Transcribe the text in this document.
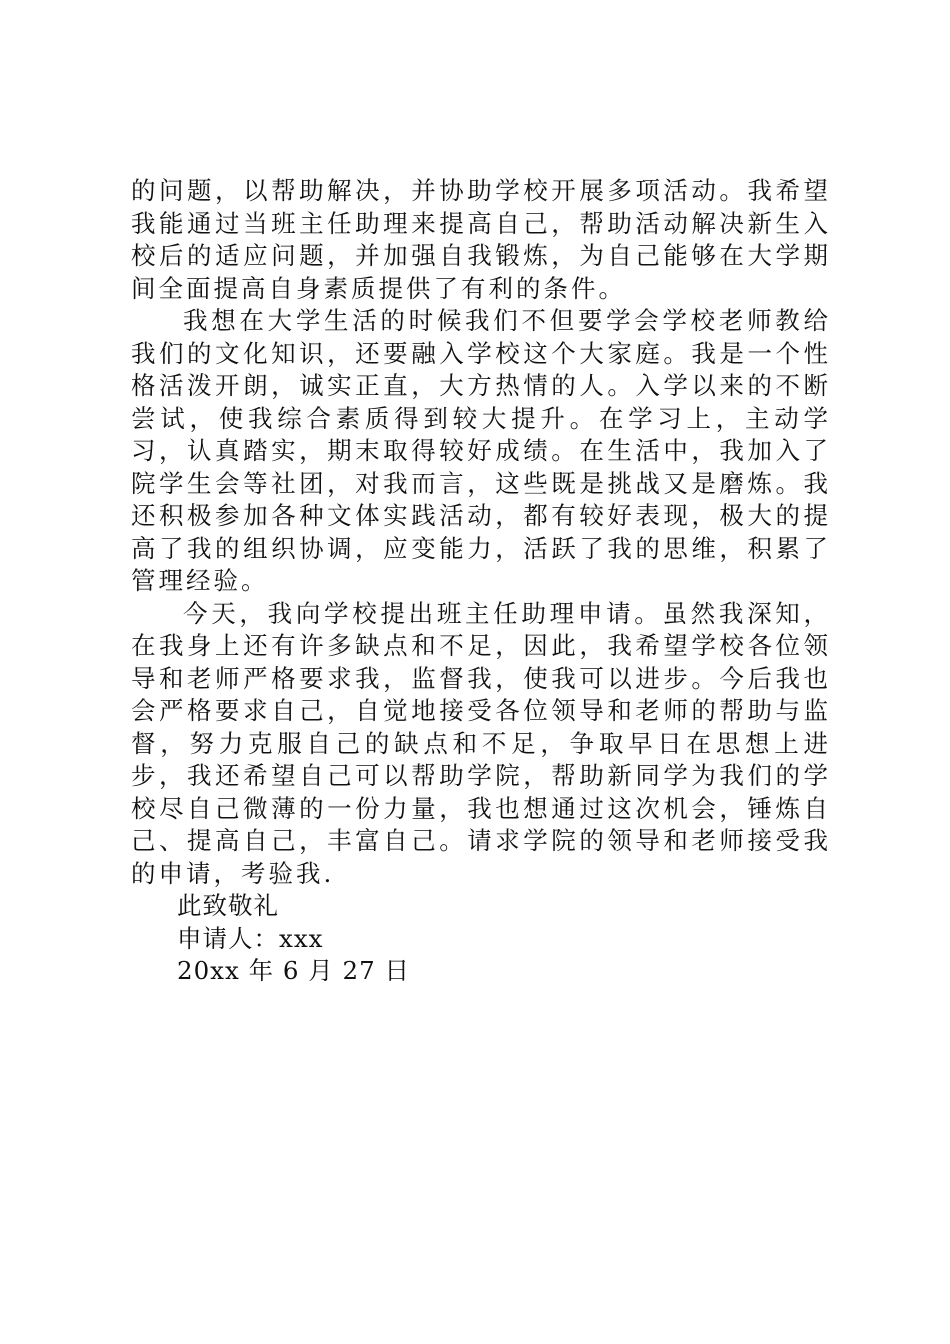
的问题，以帮助解决，并协助学校开展多项活动。我希望我能通过当班主任助理来提高自己，帮助活动解决新生入校后的适应问题，并加强自我锻炼，为自己能够在大学期间全面提高自身素质提供了有利的条件。

我想在大学生活的时候我们不但要学会学校老师教给我们的文化知识，还要融入学校这个大家庭。我是一个性格活泼开朗，诚实正直，大方热情的人。入学以来的不断尝试，使我综合素质得到较大提升。在学习上，主动学习，认真踏实，期末取得较好成绩。在生活中，我加入了院学生会等社团，对我而言，这些既是挑战又是磨炼。我还积极参加各种文体实践活动，都有较好表现，极大的提高了我的组织协调，应变能力，活跃了我的思维，积累了管理经验。

今天，我向学校提出班主任助理申请。虽然我深知，在我身上还有许多缺点和不足，因此，我希望学校各位领导和老师严格要求我，监督我，使我可以进步。今后我也会严格要求自己，自觉地接受各位领导和老师的帮助与监督，努力克服自己的缺点和不足，争取早日在思想上进步，我还希望自己可以帮助学院，帮助新同学为我们的学校尽自己微薄的一份力量，我也想通过这次机会，锤炼自己、提高自己，丰富自己。请求学院的领导和老师接受我的申请，考验我.

此致敬礼

申请人：xxx

20xx 年 6 月 27 日
